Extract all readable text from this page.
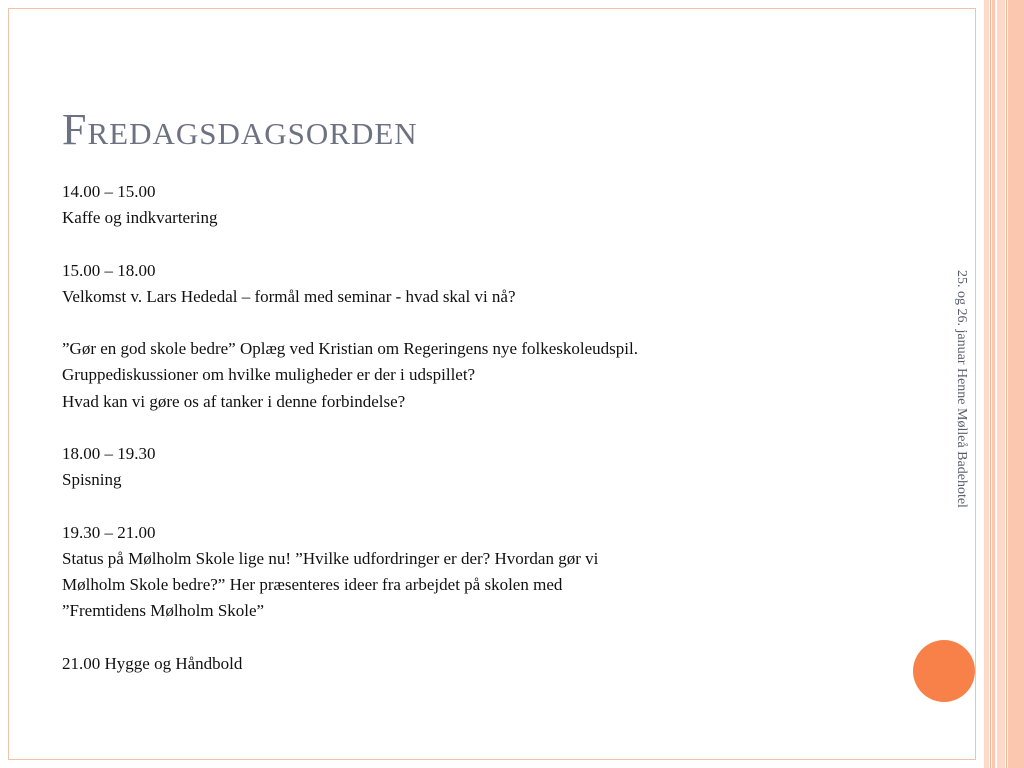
Fredagsdagsorden
14.00 – 15.00
Kaffe og indkvartering
15.00 – 18.00
Velkomst v. Lars Hededal – formål med seminar - hvad skal vi nå?
”Gør en god skole bedre” Oplæg ved Kristian om Regeringens nye folkeskoleudspil.
Gruppediskussioner om hvilke muligheder er der i udspillet?
Hvad kan vi gøre os af tanker i denne forbindelse?
18.00 – 19.30
Spisning
19.30 – 21.00
Status på Mølholm Skole lige nu! ”Hvilke udfordringer er der? Hvordan gør vi
Mølholm Skole bedre?” Her præsenteres ideer fra arbejdet på skolen med
”Fremtidens Mølholm Skole”
21.00 Hygge og Håndbold
25. og 26. januar Henne Mølleå Badehotel
